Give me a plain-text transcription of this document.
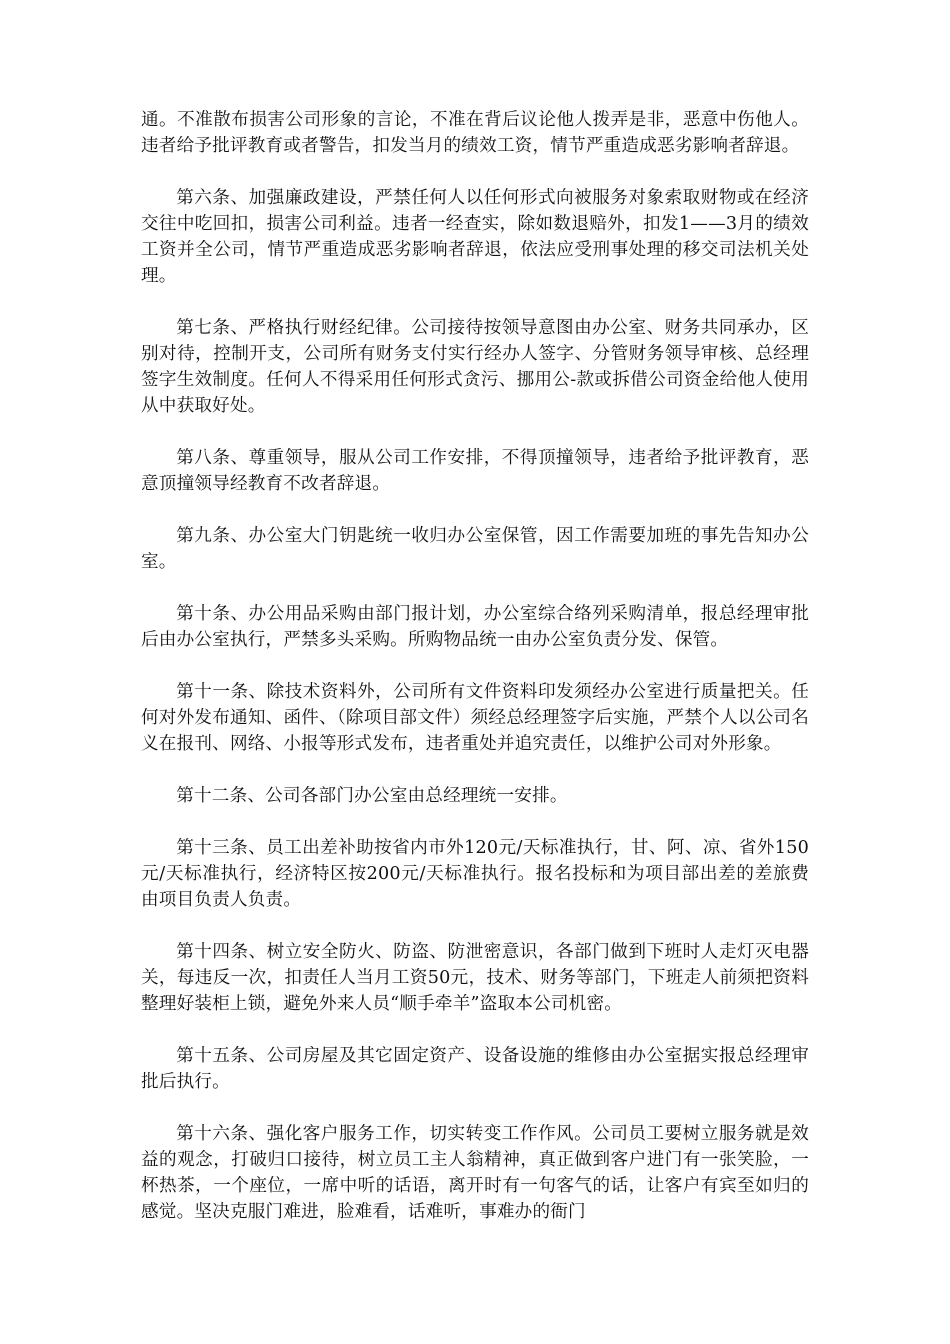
通。不准散布损害公司形象的言论，不准在背后议论他人拨弄是非，恶意中伤他人。违者给予批评教育或者警告，扣发当月的绩效工资，情节严重造成恶劣影响者辞退。

第六条、加强廉政建设，严禁任何人以任何形式向被服务对象索取财物或在经济交往中吃回扣，损害公司利益。违者一经查实，除如数退赔外，扣发1——3月的绩效工资并全公司，情节严重造成恶劣影响者辞退，依法应受刑事处理的移交司法机关处理。

第七条、严格执行财经纪律。公司接待按领导意图由办公室、财务共同承办，区别对待，控制开支，公司所有财务支付实行经办人签字、分管财务领导审核、总经理签字生效制度。任何人不得采用任何形式贪污、挪用公-款或拆借公司资金给他人使用从中获取好处。

第八条、尊重领导，服从公司工作安排，不得顶撞领导，违者给予批评教育，恶意顶撞领导经教育不改者辞退。

第九条、办公室大门钥匙统一收归办公室保管，因工作需要加班的事先告知办公室。

第十条、办公用品采购由部门报计划，办公室综合络列采购清单，报总经理审批后由办公室执行，严禁多头采购。所购物品统一由办公室负责分发、保管。

第十一条、除技术资料外，公司所有文件资料印发须经办公室进行质量把关。任何对外发布通知、函件、（除项目部文件）须经总经理签字后实施，严禁个人以公司名义在报刊、网络、小报等形式发布，违者重处并追究责任，以维护公司对外形象。

第十二条、公司各部门办公室由总经理统一安排。

第十三条、员工出差补助按省内市外120元/天标准执行，甘、阿、凉、省外150元/天标准执行，经济特区按200元/天标准执行。报名投标和为项目部出差的差旅费由项目负责人负责。

第十四条、树立安全防火、防盗、防泄密意识，各部门做到下班时人走灯灭电器关，每违反一次，扣责任人当月工资50元，技术、财务等部门，下班走人前须把资料整理好装柜上锁，避免外来人员“顺手牵羊”盗取本公司机密。

第十五条、公司房屋及其它固定资产、设备设施的维修由办公室据实报总经理审批后执行。

第十六条、强化客户服务工作，切实转变工作作风。公司员工要树立服务就是效益的观念，打破归口接待，树立员工主人翁精神，真正做到客户进门有一张笑脸，一杯热茶，一个座位，一席中听的话语，离开时有一句客气的话，让客户有宾至如归的感觉。坚决克服门难进，脸难看，话难听，事难办的衙门
